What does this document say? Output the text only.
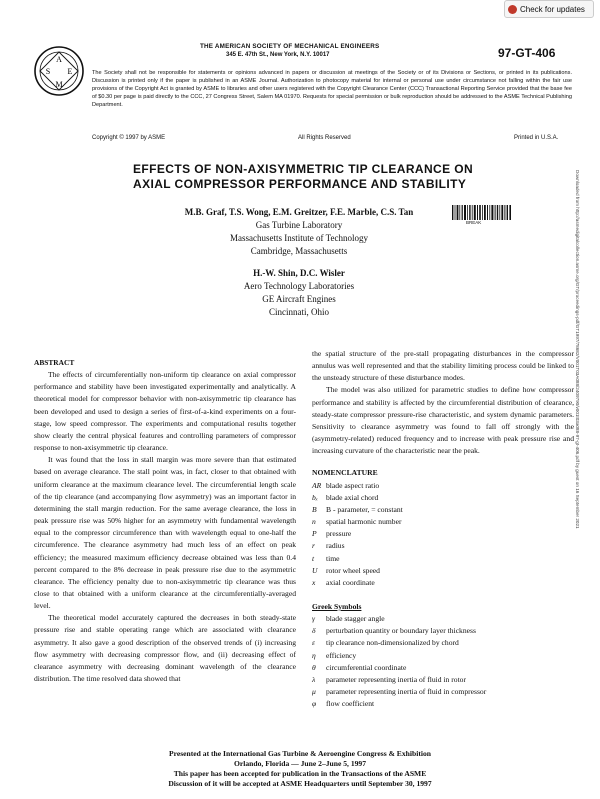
Check for updates
A
S E
M
THE AMERICAN SOCIETY OF MECHANICAL ENGINEERS
345 E. 47th St., New York, N.Y. 10017	97-GT-406
The Society shall not be responsible for statements or opinions advanced in papers or discussion at meetings of the Society or of its Divisions or Sections, or printed in its publications. Discussion is printed only if the paper is published in an ASME Journal. Authorization to photocopy material for internal or personal use under circumstance not falling within the fair use provisions of the Copyright Act is granted by ASME to libraries and other users registered with the Copyright Clearance Center (CCC) Transactional Reporting Service provided that the base fee of $0.30 per page is paid directly to the CCC, 27 Congress Street, Salem MA 01970. Requests for special permission or bulk reproduction should be addressed to the ASME Technical Publishing Department.
Copyright © 1997 by ASME	All Rights Reserved	Printed in U.S.A.
EFFECTS OF NON-AXISYMMETRIC TIP CLEARANCE ON
AXIAL COMPRESSOR PERFORMANCE AND STABILITY
M.B. Graf, T.S. Wong, E.M. Greitzer, F.E. Marble, C.S. Tan
Gas Turbine Laboratory
Massachusetts Institute of Technology
Cambridge, Massachusetts
H.-W. Shin, D.C. Wisler
Aero Technology Laboratories
GE Aircraft Engines
Cincinnati, Ohio
BREAK	Downloaded from http://asmedigitalcollection.asme.org/GT/proceedings-pdf/GT1997/78682/V001T03A088/2409790/v001t03a088-97-gt-406.pdf by guest on 16 September 2021

ABSTRACT

The effects of circumferentially non-uniform tip clearance on axial compressor performance and stability have been investigated experimentally and analytically. A theoretical model for compressor behavior with non-axisymmetric tip clearance has been developed and used to design a series of first-of-a-kind experiments on a four-stage, low speed compressor. The experiments and computational results together show clearly the central physical features and controlling parameters of compressor response to non-axisymmetric tip clearance.

It was found that the loss in stall margin was more severe than that estimated based on average clearance. The stall point was, in fact, closer to that obtained with uniform clearance at the maximum clearance level. The circumferential length scale of the tip clearance (and accompanying flow asymmetry) was an important factor in determining the stall margin reduction. For the same average clearance, the loss in peak pressure rise was 50% higher for an asymmetry with fundamental wavelength equal to the compressor circumference than with wavelength equal to one-half the circumference. The clearance asymmetry had much less of an effect on peak efficiency; the measured maximum efficiency decrease obtained was less than 0.4 percent compared to the 8% decrease in peak pressure rise due to the asymmetric clearance. The efficiency penalty due to non-axisymmetric tip clearance was thus close to that obtained with a uniform clearance at the circumferentially-averaged level.

The theoretical model accurately captured the decreases in both steady-state pressure rise and stable operating range which are associated with clearance asymmetry. It also gave a good description of the observed trends of (i) increasing flow asymmetry with decreasing compressor flow, and (ii) decreasing effect of clearance asymmetry with decreasing dominant wavelength of the clearance distribution. The time resolved data showed that

the spatial structure of the pre-stall propagating disturbances in the compressor annulus was well represented and that the stability limiting process could be linked to the unsteady structure of these disturbance modes.

The model was also utilized for parametric studies to define how compressor performance and stability is affected by the circumferential distribution of clearance, steady-state compressor pressure-rise characteristic, and system dynamic parameters. Sensitivity to clearance asymmetry was found to fall off strongly with the (asymmetry-related) reduced frequency and to increase with peak pressure rise and increasing curvature of the characteristic near the peak.

NOMENCLATURE

AR blade aspect ratio

bₓ blade axial chord

B B - parameter, = constant

n spatial harmonic number

P pressure

r radius

t time

U rotor wheel speed

x axial coordinate

Greek Symbols

γ blade stagger angle

δ perturbation quantity or boundary layer thickness

ε tip clearance non-dimensionalized by chord

η efficiency

θ circumferential coordinate

λ parameter representing inertia of fluid in rotor

μ parameter representing inertia of fluid in compressor

φ flow coefficient

Presented at the International Gas Turbine & Aeroengine Congress & Exhibition
Orlando, Florida — June 2–June 5, 1997
This paper has been accepted for publication in the Transactions of the ASME
Discussion of it will be accepted at ASME Headquarters until September 30, 1997
